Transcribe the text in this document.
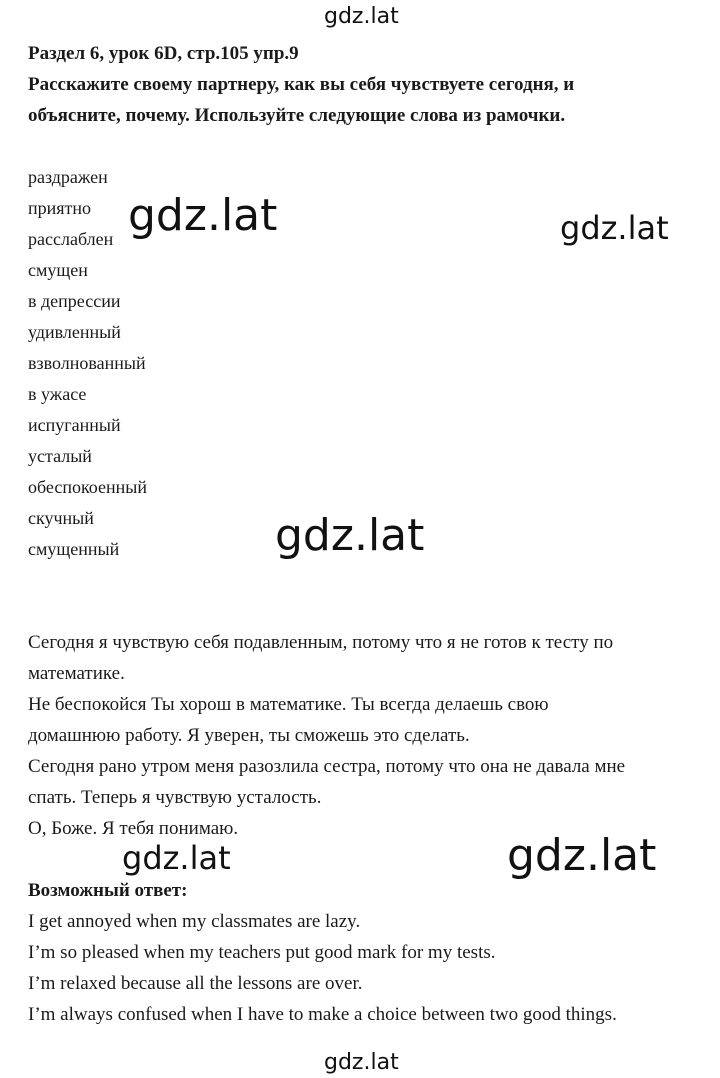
gdz.lat
gdz.lat	gdz.lat
gdz.lat
gdz.lat	gdz.lat
gdz.lat
Раздел 6, урок 6D, стр.105 упр.9
Расскажите своему партнеру, как вы себя чувствуете сегодня, и
объясните, почему. Используйте следующие слова из рамочки.
раздражен
приятно
расслаблен
смущен
в депрессии
удивленный
взволнованный
в ужасе
испуганный
усталый
обеспокоенный
скучный
смущенный
Сегодня я чувствую себя подавленным, потому что я не готов к тесту по
математике.
Не беспокойся Ты хорош в математике. Ты всегда делаешь свою
домашнюю работу. Я уверен, ты сможешь это сделать.
Сегодня рано утром меня разозлила сестра, потому что она не давала мне
спать. Теперь я чувствую усталость.
О, Боже. Я тебя понимаю.
Возможный ответ:
I get annoyed when my classmates are lazy.
I’m so pleased when my teachers put good mark for my tests.
I’m relaxed because all the lessons are over.
I’m always confused when I have to make a choice between two good things.
